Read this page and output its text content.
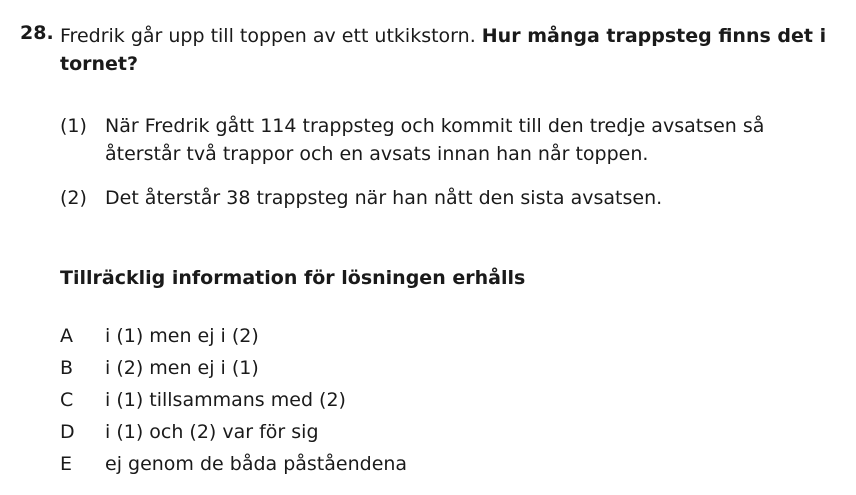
28. Fredrik går upp till toppen av ett utkikstorn. Hur många trappsteg finns det i tornet?
(1) När Fredrik gått 114 trappsteg och kommit till den tredje avsatsen så återstår två trappor och en avsats innan han når toppen.
(2) Det återstår 38 trappsteg när han nått den sista avsatsen.
Tillräcklig information för lösningen erhålls
A i (1) men ej i (2)
B i (2) men ej i (1)
C i (1) tillsammans med (2)
D i (1) och (2) var för sig
E ej genom de båda påståendena
